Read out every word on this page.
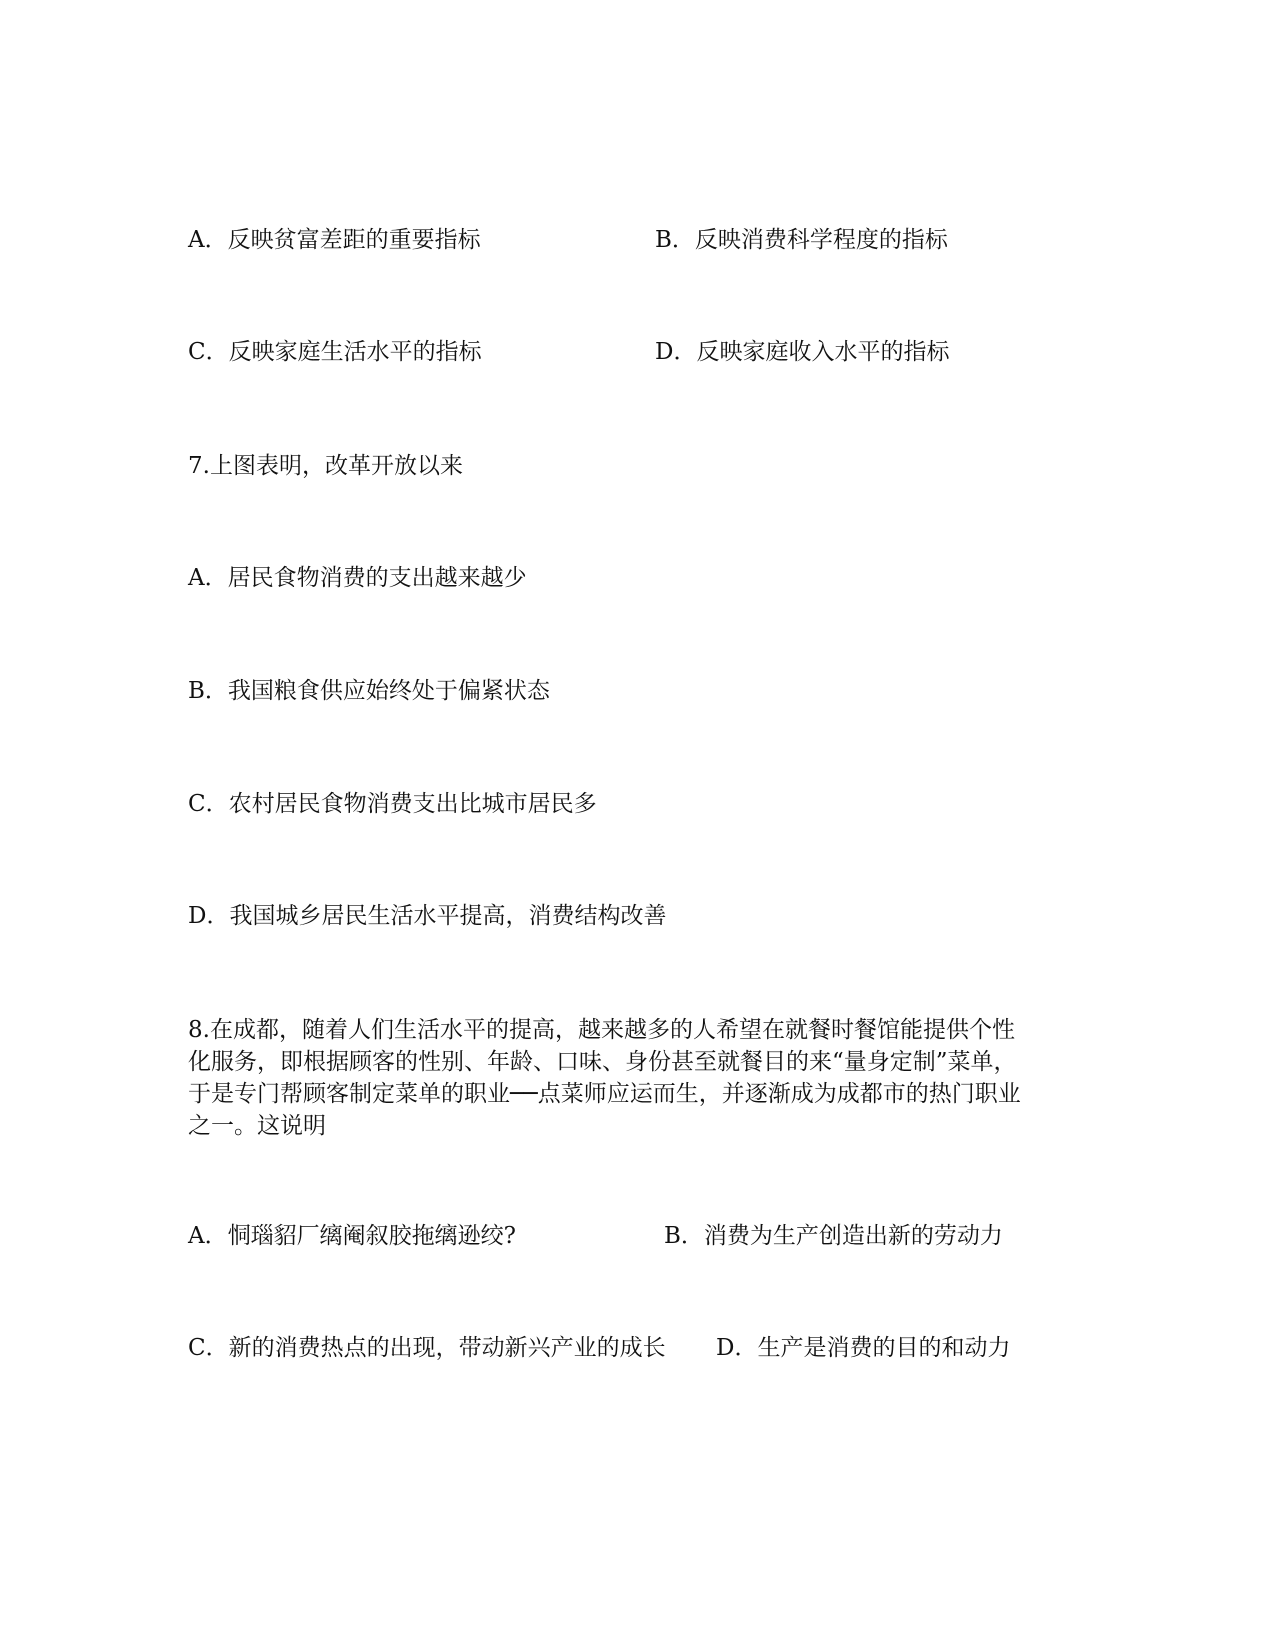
A．反映贫富差距的重要指标	B．反映消费科学程度的指标
C．反映家庭生活水平的指标	D．反映家庭收入水平的指标
7.上图表明，改革开放以来
A．居民食物消费的支出越来越少
B．我国粮食供应始终处于偏紧状态
C．农村居民食物消费支出比城市居民多
D．我国城乡居民生活水平提高，消费结构改善
8.在成都，随着人们生活水平的提高，越来越多的人希望在就餐时餐馆能提供个性
化服务，即根据顾客的性别、年龄、口味、身份甚至就餐目的来“量身定制”菜单，
于是专门帮顾客制定菜单的职业──点菜师应运而生，并逐渐成为成都市的热门职业
之一。这说明
A．恫瑙貂厂缡阉叙胶拖缡逊绞?	B．消费为生产创造出新的劳动力
C．新的消费热点的出现，带动新兴产业的成长 D．生产是消费的目的和动力
